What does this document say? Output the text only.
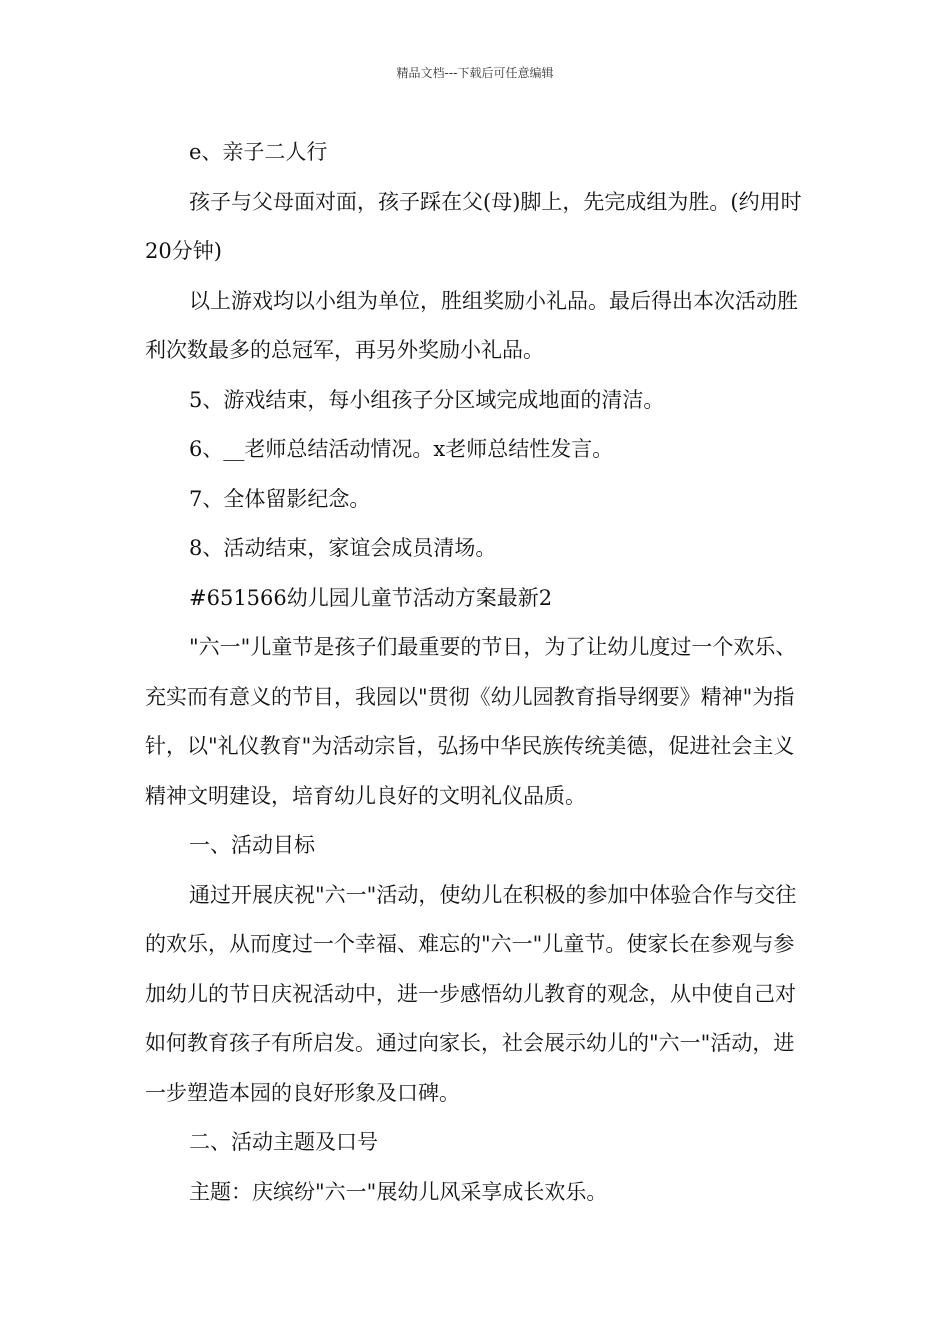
精品文档---下载后可任意编辑

e、亲子二人行

孩子与父母面对面，孩子踩在父(母)脚上，先完成组为胜。(约用时20分钟)

以上游戏均以小组为单位，胜组奖励小礼品。最后得出本次活动胜利次数最多的总冠军，再另外奖励小礼品。

5、游戏结束，每小组孩子分区域完成地面的清洁。

6、__老师总结活动情况。x老师总结性发言。

7、全体留影纪念。

8、活动结束，家谊会成员清场。

#651566幼儿园儿童节活动方案最新2

"六一"儿童节是孩子们最重要的节日，为了让幼儿度过一个欢乐、充实而有意义的节目，我园以"贯彻《幼儿园教育指导纲要》精神"为指针，以"礼仪教育"为活动宗旨，弘扬中华民族传统美德，促进社会主义精神文明建设，培育幼儿良好的文明礼仪品质。

一、活动目标

通过开展庆祝"六一"活动，使幼儿在积极的参加中体验合作与交往的欢乐，从而度过一个幸福、难忘的"六一"儿童节。使家长在参观与参加幼儿的节日庆祝活动中，进一步感悟幼儿教育的观念，从中使自己对如何教育孩子有所启发。通过向家长，社会展示幼儿的"六一"活动，进一步塑造本园的良好形象及口碑。

二、活动主题及口号

主题：庆缤纷"六一"展幼儿风采享成长欢乐。
